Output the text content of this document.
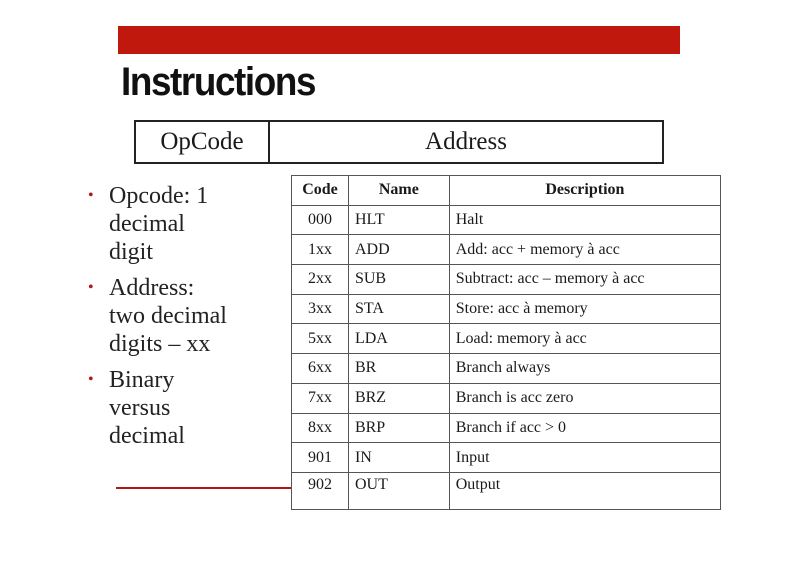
Instructions
OpCode	Address
• Opcode: 1
decimal
digit
• Address:
two decimal
digits – xx
• Binary
versus
decimal
Code	Name	Description
000	HLT	Halt
1xx	ADD	Add: acc + memory à acc
2xx	SUB	Subtract: acc – memory à acc
3xx	STA	Store: acc à memory
5xx	LDA	Load: memory à acc
6xx	BR	Branch always
7xx	BRZ	Branch is acc zero
8xx	BRP	Branch if acc > 0
901	IN	Input
902	OUT	Output
